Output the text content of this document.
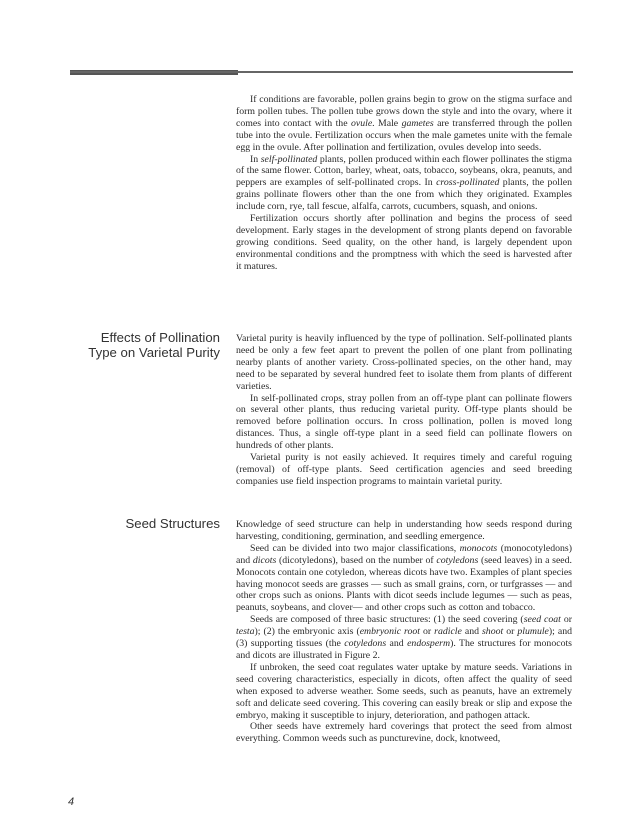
If conditions are favorable, pollen grains begin to grow on the stigma surface and form pollen tubes. The pollen tube grows down the style and into the ovary, where it comes into contact with the ovule. Male gametes are transferred through the pollen tube into the ovule. Fertilization occurs when the male gametes unite with the female egg in the ovule. After pollination and fertilization, ovules develop into seeds.

In self-pollinated plants, pollen produced within each flower pollinates the stigma of the same flower. Cotton, barley, wheat, oats, tobacco, soybeans, okra, peanuts, and peppers are examples of self-pollinated crops. In cross-pollinated plants, the pollen grains pollinate flowers other than the one from which they originated. Examples include corn, rye, tall fescue, alfalfa, carrots, cucumbers, squash, and onions.

Fertilization occurs shortly after pollination and begins the process of seed development. Early stages in the development of strong plants depend on favorable growing conditions. Seed quality, on the other hand, is largely dependent upon environmental conditions and the promptness with which the seed is harvested after it matures.

Effects of Pollination
Type on Varietal Purity

Varietal purity is heavily influenced by the type of pollination. Self-pollinated plants need be only a few feet apart to prevent the pollen of one plant from pollinating nearby plants of another variety. Cross-pollinated species, on the other hand, may need to be separated by several hundred feet to isolate them from plants of different varieties.

In self-pollinated crops, stray pollen from an off-type plant can pollinate flowers on several other plants, thus reducing varietal purity. Off-type plants should be removed before pollination occurs. In cross pollination, pollen is moved long distances. Thus, a single off-type plant in a seed field can pollinate flowers on hundreds of other plants.

Varietal purity is not easily achieved. It requires timely and careful roguing (removal) of off-type plants. Seed certification agencies and seed breeding companies use field inspection programs to maintain varietal purity.

Seed Structures Knowledge of seed structure can help in understanding how seeds respond during harvesting, conditioning, germination, and seedling emergence.

Seed can be divided into two major classifications, monocots (monocotyledons) and dicots (dicotyledons), based on the number of cotyledons (seed leaves) in a seed. Monocots contain one cotyledon, whereas dicots have two. Examples of plant species having monocot seeds are grasses — such as small grains, corn, or turfgrasses — and other crops such as onions. Plants with dicot seeds include legumes — such as peas, peanuts, soybeans, and clover— and other crops such as cotton and tobacco.

Seeds are composed of three basic structures: (1) the seed covering (seed coat or testa); (2) the embryonic axis (embryonic root or radicle and shoot or plumule); and (3) supporting tissues (the cotyledons and endosperm). The structures for monocots and dicots are illustrated in Figure 2.

If unbroken, the seed coat regulates water uptake by mature seeds. Variations in seed covering characteristics, especially in dicots, often affect the quality of seed when exposed to adverse weather. Some seeds, such as peanuts, have an extremely soft and delicate seed covering. This covering can easily break or slip and expose the embryo, making it susceptible to injury, deterioration, and pathogen attack.

Other seeds have extremely hard coverings that protect the seed from almost everything. Common weeds such as puncturevine, dock, knotweed,

4
